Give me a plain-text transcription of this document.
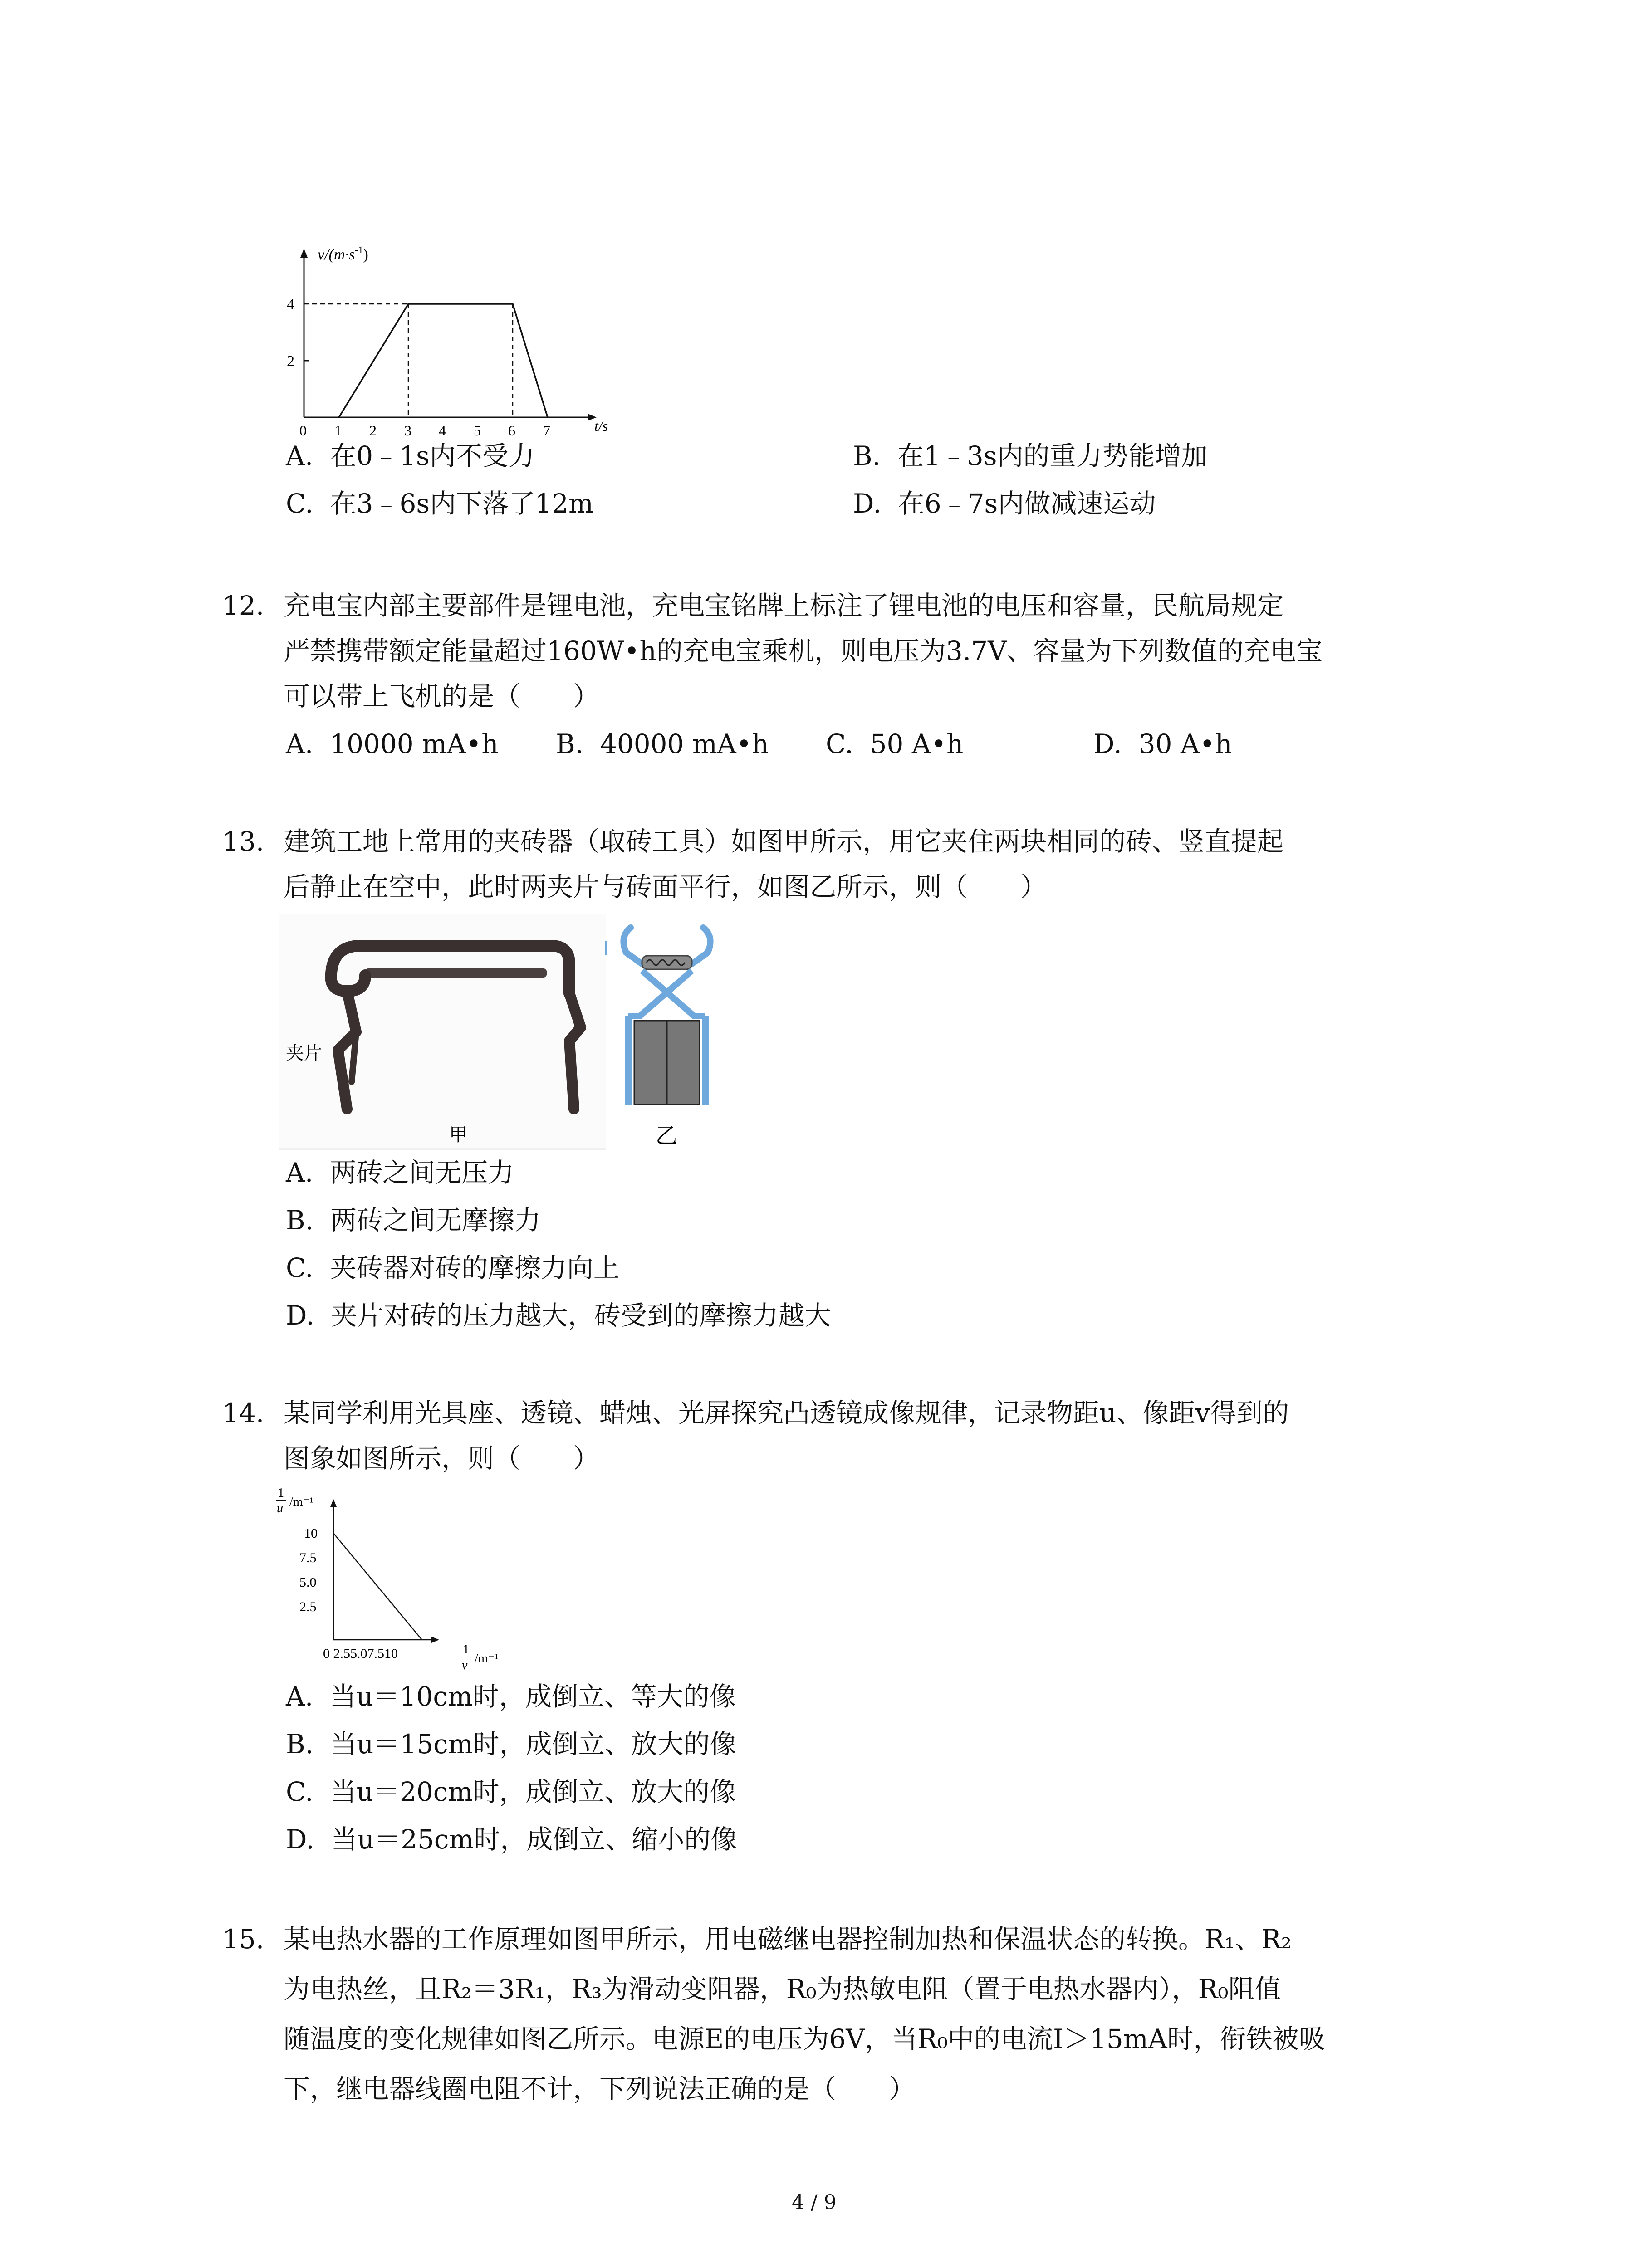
$v/(m\cdot s^{-1})$
4
2
0 1 2 3 4 5 6 7	t/s
A. 在0﹣1s内不受力	B. 在1﹣3s内的重力势能增加
C. 在3﹣6s内下落了12m	D. 在6﹣7s内做减速运动
12. 充电宝内部主要部件是锂电池，充电宝铭牌上标注了锂电池的电压和容量，民航局规定
严禁携带额定能量超过160W•h的充电宝乘机，则电压为3.7V、容量为下列数值的充电宝
可以带上飞机的是（　　）
A. 10000 mA•h B. 40000 mA•h C. 50 A•h	D. 30 A•h
13. 建筑工地上常用的夹砖器（取砖工具）如图甲所示，用它夹住两块相同的砖、竖直提起
后静止在空中，此时两夹片与砖面平行，如图乙所示，则（　　）
夹片
甲	乙
A. 两砖之间无压力
B. 两砖之间无摩擦力
C. 夹砖器对砖的摩擦力向上
D. 夹片对砖的压力越大，砖受到的摩擦力越大
14. 某同学利用光具座、透镜、蜡烛、光屏探究凸透镜成像规律，记录物距u、像距v得到的
图象如图所示，则（　　）
1
u /m⁻¹
10
7.5
5.0
2.5
0 2.55.07.510	1
v /m⁻¹
A. 当u＝10cm时，成倒立、等大的像
B. 当u＝15cm时，成倒立、放大的像
C. 当u＝20cm时，成倒立、放大的像
D. 当u＝25cm时，成倒立、缩小的像
15. 某电热水器的工作原理如图甲所示，用电磁继电器控制加热和保温状态的转换。R₁、R₂
为电热丝，且R₂＝3R₁，R₃为滑动变阻器，R₀为热敏电阻（置于电热水器内），R₀阻值
随温度的变化规律如图乙所示。电源E的电压为6V，当R₀中的电流I＞15mA时，衔铁被吸
下，继电器线圈电阻不计，下列说法正确的是（　　）
4 / 9
